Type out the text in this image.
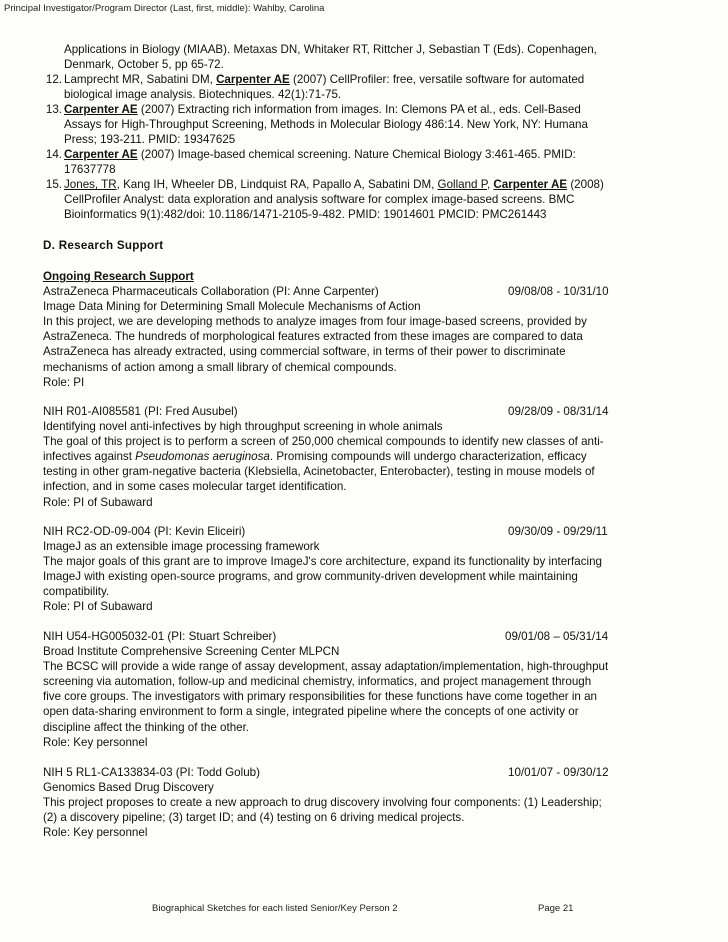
Principal Investigator/Program Director (Last, first, middle): Wahlby, Carolina
Applications in Biology (MIAAB). Metaxas DN, Whitaker RT, Rittcher J, Sebastian T (Eds). Copenhagen,
Denmark, October 5, pp 65-72.
12. Lamprecht MR, Sabatini DM, Carpenter AE (2007) CellProfiler: free, versatile software for automated
biological image analysis. Biotechniques. 42(1):71-75.
13. Carpenter AE (2007) Extracting rich information from images. In: Clemons PA et al., eds. Cell-Based
Assays for High-Throughput Screening, Methods in Molecular Biology 486:14. New York, NY: Humana
Press; 193-211. PMID: 19347625
14. Carpenter AE (2007) Image-based chemical screening. Nature Chemical Biology 3:461-465. PMID:
17637778
15. Jones, TR, Kang IH, Wheeler DB, Lindquist RA, Papallo A, Sabatini DM, Golland P, Carpenter AE (2008)
CellProfiler Analyst: data exploration and analysis software for complex image-based screens. BMC
Bioinformatics 9(1):482/doi: 10.1186/1471-2105-9-482. PMID: 19014601 PMCID: PMC261443
D. Research Support
Ongoing Research Support
AstraZeneca Pharmaceuticals Collaboration (PI: Anne Carpenter)	09/08/08 - 10/31/10
Image Data Mining for Determining Small Molecule Mechanisms of Action
In this project, we are developing methods to analyze images from four image-based screens, provided by
AstraZeneca. The hundreds of morphological features extracted from these images are compared to data
AstraZeneca has already extracted, using commercial software, in terms of their power to discriminate
mechanisms of action among a small library of chemical compounds.
Role: PI
NIH R01-AI085581 (PI: Fred Ausubel)	09/28/09 - 08/31/14
Identifying novel anti-infectives by high throughput screening in whole animals
The goal of this project is to perform a screen of 250,000 chemical compounds to identify new classes of anti-
infectives against Pseudomonas aeruginosa. Promising compounds will undergo characterization, efficacy
testing in other gram-negative bacteria (Klebsiella, Acinetobacter, Enterobacter), testing in mouse models of
infection, and in some cases molecular target identification.
Role: PI of Subaward
NIH RC2-OD-09-004 (PI: Kevin Eliceiri)	09/30/09 - 09/29/11
ImageJ as an extensible image processing framework
The major goals of this grant are to improve ImageJ's core architecture, expand its functionality by interfacing
ImageJ with existing open-source programs, and grow community-driven development while maintaining
compatibility.
Role: PI of Subaward
NIH U54-HG005032-01 (PI: Stuart Schreiber)	09/01/08 – 05/31/14
Broad Institute Comprehensive Screening Center MLPCN
The BCSC will provide a wide range of assay development, assay adaptation/implementation, high-throughput
screening via automation, follow-up and medicinal chemistry, informatics, and project management through
five core groups. The investigators with primary responsibilities for these functions have come together in an
open data-sharing environment to form a single, integrated pipeline where the concepts of one activity or
discipline affect the thinking of the other.
Role: Key personnel
NIH 5 RL1-CA133834-03 (PI: Todd Golub)	10/01/07 - 09/30/12
Genomics Based Drug Discovery
This project proposes to create a new approach to drug discovery involving four components: (1) Leadership;
(2) a discovery pipeline; (3) target ID; and (4) testing on 6 driving medical projects.
Role: Key personnel
Biographical Sketches for each listed Senior/Key Person 2	Page 21
